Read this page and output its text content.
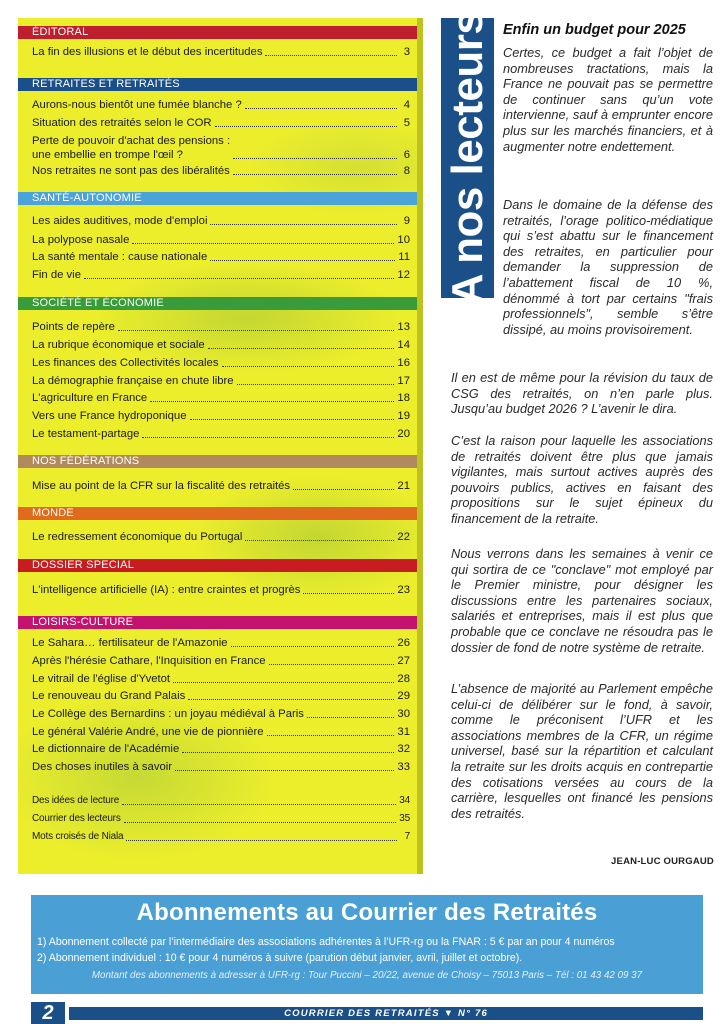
ÉDITORAL
La fin des illusions et le début des incertitudes	3
RETRAITES ET RETRAITÉS
Aurons-nous bientôt une fumée blanche ?	4
Situation des retraités selon le COR	5
Perte de pouvoir d'achat des pensions :
une embellie en trompe l'œil ?	6
Nos retraites ne sont pas des libéralités	8
SANTÉ-AUTONOMIE
Les aides auditives, mode d'emploi	9
La polypose nasale	10
La santé mentale : cause nationale	11
Fin de vie	12
SOCIÉTÉ ET ÉCONOMIE
Points de repère	13
La rubrique économique et sociale	14
Les finances des Collectivités locales	16
La démographie française en chute libre	17
L'agriculture en France	18
Vers une France hydroponique	19
Le testament-partage	20
NOS FÉDÉRATIONS
Mise au point de la CFR sur la fiscalité des retraités	21
MONDE
Le redressement économique du Portugal	22
DOSSIER SPECIAL
L'intelligence artificielle (IA) : entre craintes et progrès	23
LOISIRS-CULTURE
Le Sahara… fertilisateur de l'Amazonie	26
Après l'hérésie Cathare, l'Inquisition en France	27
Le vitrail de l'église d'Yvetot	28
Le renouveau du Grand Palais	29
Le Collège des Bernardins : un joyau médiéval à Paris	30
Le général Valérie André, une vie de pionnière	31
Le dictionnaire de l'Académie	32
Des choses inutiles à savoir	33
Des idées de lecture	34
Courrier des lecteurs	35
Mots croisés de Niala	7
A nos lecteurs Enfin un budget pour 2025

Certes, ce budget a fait l’objet de nombreuses tractations, mais la France ne pouvait pas se permettre de continuer sans qu’un vote intervienne, sauf à emprunter encore plus sur les marchés financiers, et à augmenter notre endettement.

Dans le domaine de la défense des retraités, l’orage politico-médiatique qui s’est abattu sur le financement des retraites, en particulier pour demander la suppression de l’abattement fiscal de 10 %, dénommé à tort par certains "frais professionnels", semble s’être dissipé, au moins provisoirement.

Il en est de même pour la révision du taux de CSG des retraités, on n’en parle plus. Jusqu’au budget 2026 ? L’avenir le dira.

C’est la raison pour laquelle les associations de retraités doivent être plus que jamais vigilantes, mais surtout actives auprès des pouvoirs publics, actives en faisant des propositions sur le sujet épineux du financement de la retraite.

Nous verrons dans les semaines à venir ce qui sortira de ce "conclave" mot employé par le Premier ministre, pour désigner les discussions entre les partenaires sociaux, salariés et entreprises, mais il est plus que probable que ce conclave ne résoudra pas le dossier de fond de notre système de retraite.

L’absence de majorité au Parlement empêche celui-ci de délibérer sur le fond, à savoir, comme le préconisent l’UFR et les associations membres de la CFR, un régime universel, basé sur la répartition et calculant la retraite sur les droits acquis en contrepartie des cotisations versées au cours de la carrière, lesquelles ont financé les pensions des retraités.

JEAN-LUC OURGAUD
Abonnements au Courrier des Retraités
1) Abonnement collecté par l’intermédiaire des associations adhérentes à l’UFR-rg ou la FNAR : 5 € par an pour 4 numéros
2) Abonnement individuel : 10 € pour 4 numéros à suivre (parution début janvier, avril, juillet et octobre).
Montant des abonnements à adresser à UFR-rg : Tour Puccini – 20/22, avenue de Choisy – 75013 Paris – Tél : 01 43 42 09 37
2	COURRIER DES RETRAITÉS ▼ N° 76
